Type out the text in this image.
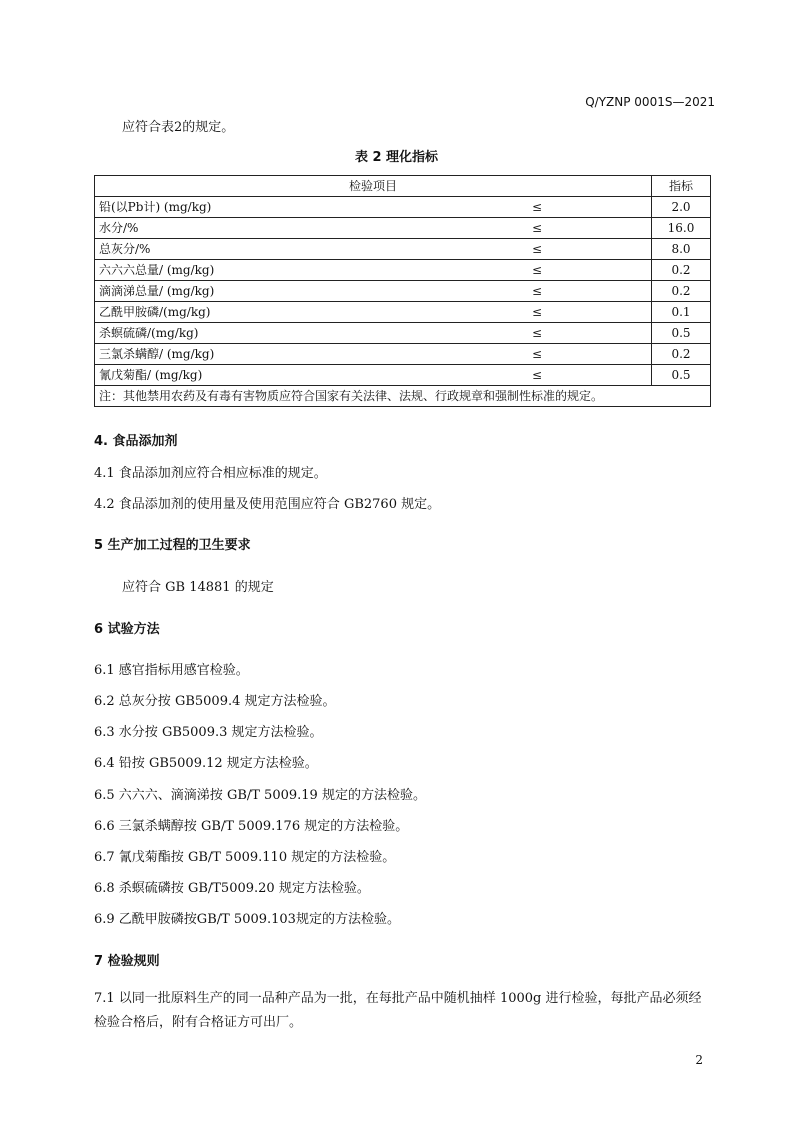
Q/YZNP 0001S—2021
应符合表2的规定。
表 2 理化指标
检验项目		指标
铅(以Pb计) (mg/kg)	≤	2.0
水分/%	≤	16.0
总灰分/%	≤	8.0
六六六总量/ (mg/kg)	≤	0.2
滴滴涕总量/ (mg/kg)	≤	0.2
乙酰甲胺磷/(mg/kg)	≤	0.1
杀螟硫磷/(mg/kg)	≤	0.5
三氯杀螨醇/ (mg/kg)	≤	0.2
氰戊菊酯/ (mg/kg)	≤	0.5
注：其他禁用农药及有毒有害物质应符合国家有关法律、法规、行政规章和强制性标准的规定。		
4. 食品添加剂
4.1 食品添加剂应符合相应标准的规定。
4.2 食品添加剂的使用量及使用范围应符合 GB2760 规定。
5 生产加工过程的卫生要求
应符合 GB 14881 的规定
6 试验方法
6.1 感官指标用感官检验。
6.2 总灰分按 GB5009.4 规定方法检验。
6.3 水分按 GB5009.3 规定方法检验。
6.4 铅按 GB5009.12 规定方法检验。
6.5 六六六、滴滴涕按 GB/T 5009.19 规定的方法检验。
6.6 三氯杀螨醇按 GB/T 5009.176 规定的方法检验。
6.7 氰戊菊酯按 GB/T 5009.110 规定的方法检验。
6.8 杀螟硫磷按 GB/T5009.20 规定方法检验。
6.9 乙酰甲胺磷按GB/T 5009.103规定的方法检验。
7 检验规则
7.1 以同一批原料生产的同一品种产品为一批，在每批产品中随机抽样 1000g 进行检验，每批产品必须经检验合格后，附有合格证方可出厂。
2
